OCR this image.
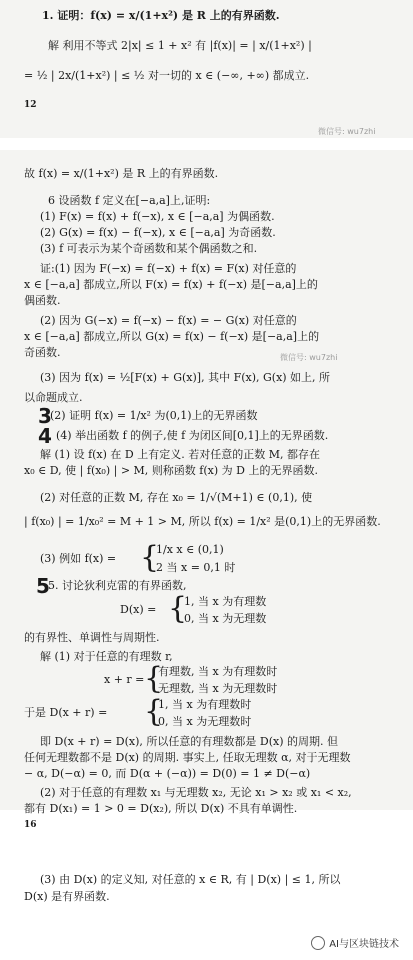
1. 证明：f(x) = x/(1+x²) 是 R 上的有界函数.
解 利用不等式 2|x| ≤ 1 + x² 有 |f(x)| = | x/(1+x²) |
= ½ | 2x/(1+x²) | ≤ ½ 对一切的 x ∈ (−∞, +∞) 都成立.
12
微信号: wu7zhi
故 f(x) = x/(1+x²) 是 R 上的有界函数.
6 设函数 f 定义在[−a,a]上,证明:
(1) F(x) = f(x) + f(−x), x ∈ [−a,a] 为偶函数.
(2) G(x) = f(x) − f(−x), x ∈ [−a,a] 为奇函数.
(3) f 可表示为某个奇函数和某个偶函数之和.
证:(1) 因为 F(−x) = f(−x) + f(x) = F(x) 对任意的
x ∈ [−a,a] 都成立,所以 F(x) = f(x) + f(−x) 是[−a,a]上的
偶函数.
(2) 因为 G(−x) = f(−x) − f(x) = − G(x) 对任意的
x ∈ [−a,a] 都成立,所以 G(x) = f(x) − f(−x) 是[−a,a]上的
奇函数.	微信号: wu7zhi
(3) 因为 f(x) = ½[F(x) + G(x)], 其中 F(x), G(x) 如上, 所
以命题成立.
3
(2) 证明 f(x) = 1/x² 为(0,1)上的无界函数
4 (4) 举出函数 f 的例子,使 f 为闭区间[0,1]上的无界函数.
解 (1) 设 f(x) 在 D 上有定义. 若对任意的正数 M, 都存在
x₀ ∈ D, 使 | f(x₀) | > M, 则称函数 f(x) 为 D 上的无界函数.
(2) 对任意的正数 M, 存在 x₀ = 1/√(M+1) ∈ (0,1), 使
| f(x₀) | = 1/x₀² = M + 1 > M, 所以 f(x) = 1/x² 是(0,1)上的无界函数.
(3) 例如 f(x) = {
1/x x ∈ (0,1)
2 当 x = 0,1 时
5
5. 讨论狄利克雷的有界函数,
D(x) = {
1, 当 x 为有理数
0, 当 x 为无理数
的有界性、单调性与周期性.
解 (1) 对于任意的有理数 r,
x + r = {
有理数, 当 x 为有理数时
无理数, 当 x 为无理数时
于是 D(x + r) = {
1, 当 x 为有理数时
0, 当 x 为无理数时
即 D(x + r) = D(x), 所以任意的有理数都是 D(x) 的周期. 但
任何无理数都不是 D(x) 的周期. 事实上, 任取无理数 α, 对于无理数
− α, D(−α) = 0, 而 D(α + (−α)) = D(0) = 1 ≠ D(−α)
(2) 对于任意的有理数 x₁ 与无理数 x₂, 无论 x₁ > x₂ 或 x₁ < x₂,
都有 D(x₁) = 1 > 0 = D(x₂), 所以 D(x) 不具有单调性.
16
(3) 由 D(x) 的定义知, 对任意的 x ∈ R, 有 | D(x) | ≤ 1, 所以
D(x) 是有界函数.
AI与区块链技术
